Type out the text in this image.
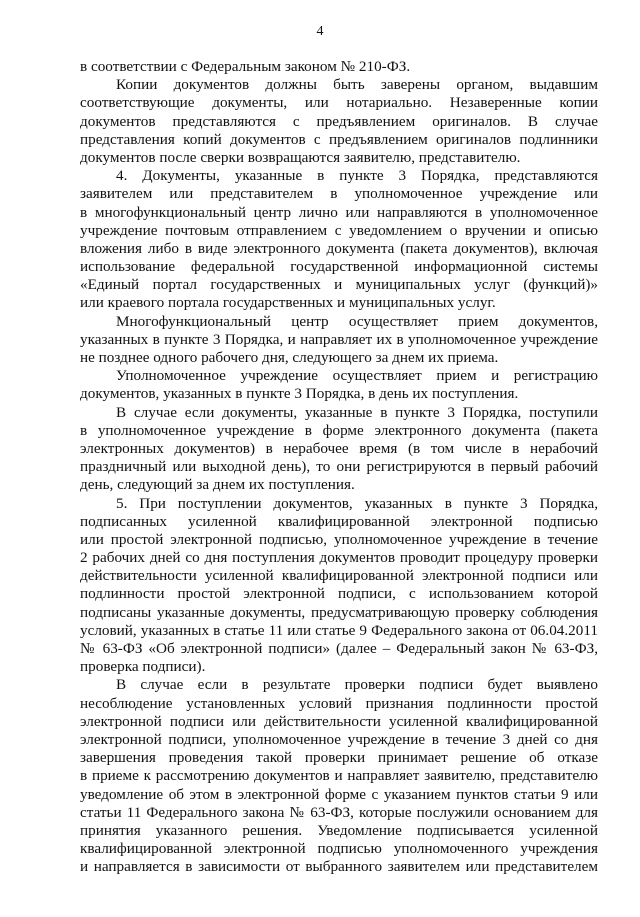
4
в соответствии с Федеральным законом № 210-ФЗ.
Копии документов должны быть заверены органом, выдавшим
соответствующие документы, или нотариально. Незаверенные копии
документов представляются с предъявлением оригиналов. В случае
представления копий документов с предъявлением оригиналов подлинники
документов после сверки возвращаются заявителю, представителю.
4. Документы, указанные в пункте 3 Порядка, представляются
заявителем или представителем в уполномоченное учреждение или
в многофункциональный центр лично или направляются в уполномоченное
учреждение почтовым отправлением с уведомлением о вручении и описью
вложения либо в виде электронного документа (пакета документов), включая
использование федеральной государственной информационной системы
«Единый портал государственных и муниципальных услуг (функций)»
или краевого портала государственных и муниципальных услуг.
Многофункциональный центр осуществляет прием документов,
указанных в пункте 3 Порядка, и направляет их в уполномоченное учреждение
не позднее одного рабочего дня, следующего за днем их приема.
Уполномоченное учреждение осуществляет прием и регистрацию
документов, указанных в пункте 3 Порядка, в день их поступления.
В случае если документы, указанные в пункте 3 Порядка, поступили
в уполномоченное учреждение в форме электронного документа (пакета
электронных документов) в нерабочее время (в том числе в нерабочий
праздничный или выходной день), то они регистрируются в первый рабочий
день, следующий за днем их поступления.
5. При поступлении документов, указанных в пункте 3 Порядка,
подписанных усиленной квалифицированной электронной подписью
или простой электронной подписью, уполномоченное учреждение в течение
2 рабочих дней со дня поступления документов проводит процедуру проверки
действительности усиленной квалифицированной электронной подписи или
подлинности простой электронной подписи, с использованием которой
подписаны указанные документы, предусматривающую проверку соблюдения
условий, указанных в статье 11 или статье 9 Федерального закона от 06.04.2011
№ 63-ФЗ «Об электронной подписи» (далее – Федеральный закон № 63-ФЗ,
проверка подписи).
В случае если в результате проверки подписи будет выявлено
несоблюдение установленных условий признания подлинности простой
электронной подписи или действительности усиленной квалифицированной
электронной подписи, уполномоченное учреждение в течение 3 дней со дня
завершения проведения такой проверки принимает решение об отказе
в приеме к рассмотрению документов и направляет заявителю, представителю
уведомление об этом в электронной форме с указанием пунктов статьи 9 или
статьи 11 Федерального закона № 63-ФЗ, которые послужили основанием для
принятия указанного решения. Уведомление подписывается усиленной
квалифицированной электронной подписью уполномоченного учреждения
и направляется в зависимости от выбранного заявителем или представителем
